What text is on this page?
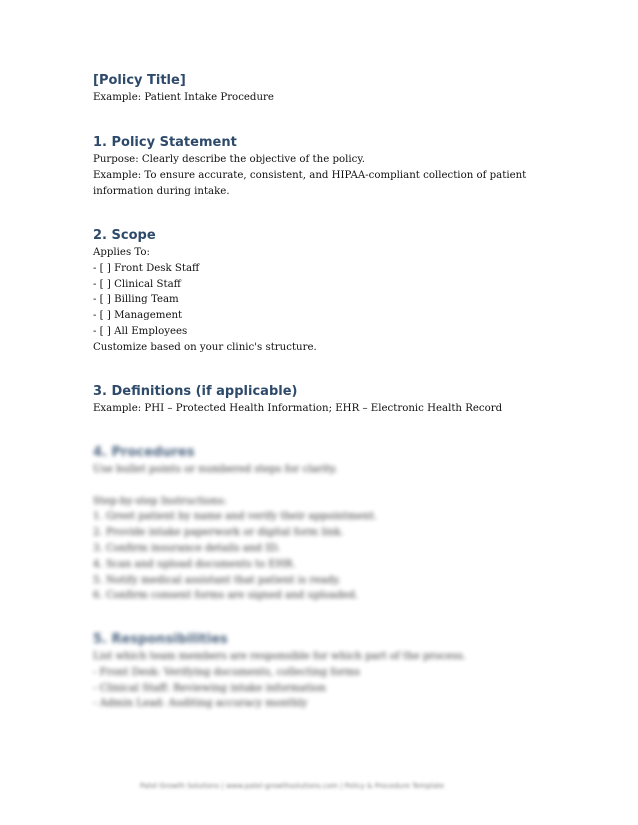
[Policy Title]
Example: Patient Intake Procedure
1. Policy Statement
Purpose: Clearly describe the objective of the policy.
Example: To ensure accurate, consistent, and HIPAA-compliant collection of patient
information during intake.
2. Scope
Applies To:
- [ ] Front Desk Staff
- [ ] Clinical Staff
- [ ] Billing Team
- [ ] Management
- [ ] All Employees
Customize based on your clinic's structure.
3. Definitions (if applicable)
Example: PHI – Protected Health Information; EHR – Electronic Health Record
4. Procedures
Use bullet points or numbered steps for clarity.
Step-by-step Instructions:
1. Greet patient by name and verify their appointment.
2. Provide intake paperwork or digital form link.
3. Confirm insurance details and ID.
4. Scan and upload documents to EHR.
5. Notify medical assistant that patient is ready.
6. Confirm consent forms are signed and uploaded.
5. Responsibilities
List which team members are responsible for which part of the process.
- Front Desk: Verifying documents, collecting forms
- Clinical Staff: Reviewing intake information
- Admin Lead: Auditing accuracy monthly
Patel Growth Solutions | www.patel-growthsolutions.com | Policy & Procedure Template
